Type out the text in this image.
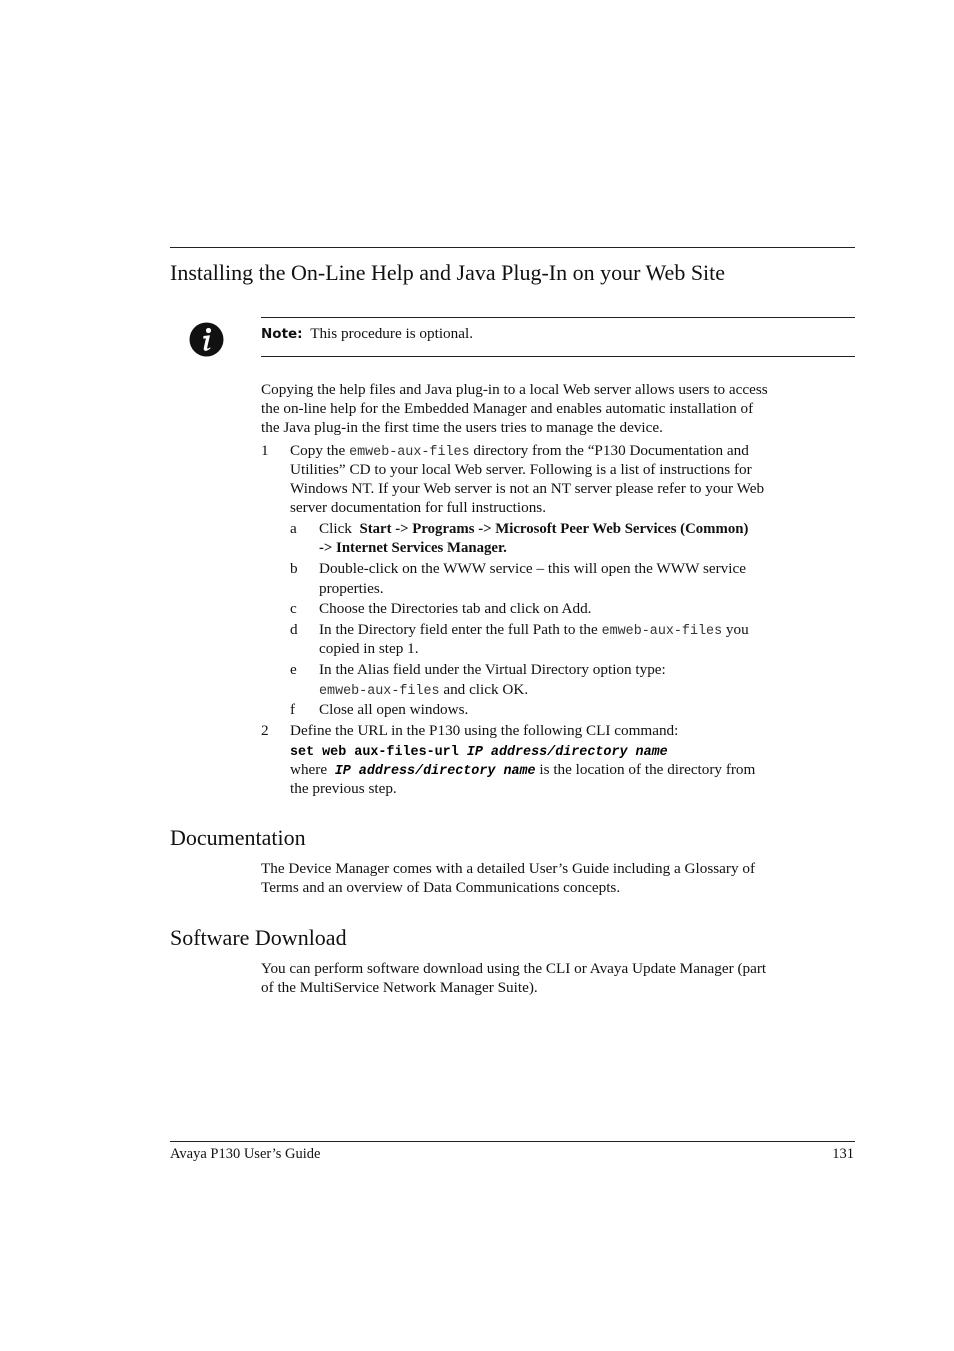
Installing the On-Line Help and Java Plug-In on your Web Site
Note: This procedure is optional.
Copying the help files and Java plug-in to a local Web server allows users to access
the on-line help for the Embedded Manager and enables automatic installation of
the Java plug-in the first time the users tries to manage the device.
1 Copy the emweb-aux-files directory from the “P130 Documentation and
Utilities” CD to your local Web server. Following is a list of instructions for
Windows NT. If your Web server is not an NT server please refer to your Web
server documentation for full instructions.
a Click  Start -> Programs -> Microsoft Peer Web Services (Common)
-> Internet Services Manager.
b Double-click on the WWW service – this will open the WWW service
properties.
c Choose the Directories tab and click on Add.
d In the Directory field enter the full Path to the emweb-aux-files you
copied in step 1.
e In the Alias field under the Virtual Directory option type:
emweb-aux-files and click OK.
f Close all open windows.
2 Define the URL in the P130 using the following CLI command:
set web aux-files-url IP address/directory name
where  IP address/directory name is the location of the directory from
the previous step.
Documentation
The Device Manager comes with a detailed User’s Guide including a Glossary of
Terms and an overview of Data Communications concepts.
Software Download
You can perform software download using the CLI or Avaya Update Manager (part
of the MultiService Network Manager Suite).
Avaya P130 User’s Guide	131
